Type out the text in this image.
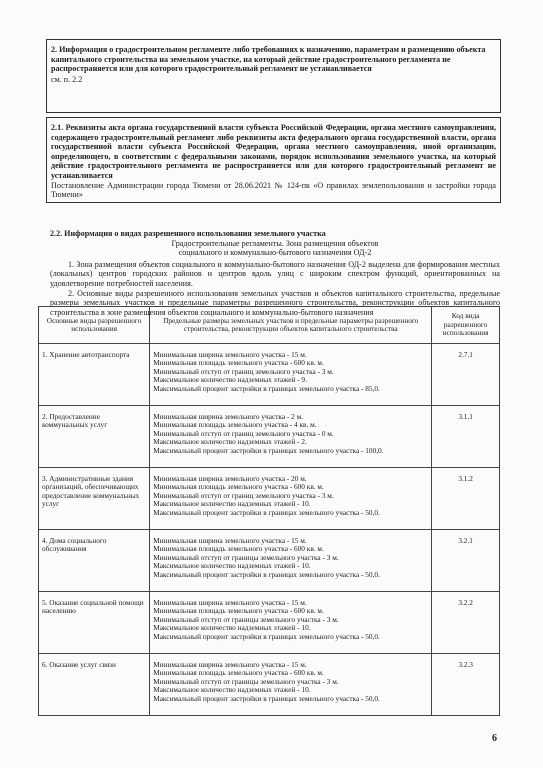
2. Информация о градостроительном регламенте либо требованиях к назначению, параметрам и размещению объекта капитального строительства на земельном участке, на который действие градостроительного регламента не распространяется или для которого градостроительный регламент не устанавливается
см. п. 2.2
2.1. Реквизиты акта органа государственной власти субъекта Российской Федерации, органа местного самоуправления, содержащего градостроительный регламент либо реквизиты акта федерального органа государственной власти, органа государственной власти субъекта Российской Федерации, органа местного самоуправления, иной организации, определяющего, в соответствии с федеральными законами, порядок использования земельного участка, на который действие градостроительного регламента не распространяется или для которого градостроительный регламент не устанавливается
Постановление Администрации города Тюмени от 28.06.2021 № 124-пк «О правилах землепользования и застройки города Тюмени»
2.2. Информация о видах разрешенного использования земельного участка
Градостроительные регламенты. Зона размещения объектов
социального и коммунально-бытового назначения ОД-2
1. Зона размещения объектов социального и коммунально-бытового назначения ОД-2 выделена для формирования местных (локальных) центров городских районов и центров вдоль улиц с широким спектром функций, ориентированных на удовлетворение потребностей населения.
2. Основные виды разрешенного использования земельных участков и объектов капитального строительства, предельные размеры земельных участков и предельные параметры разрешенного строительства, реконструкции объектов капитального строительства в зоне размещения объектов социального и коммунально-бытового назначения
Основные виды разрешенного использования	Предельные размеры земельных участков и предельные параметры разрешенного строительства, реконструкции объектов капитального строительства	Код вида разрешенного использования
1. Хранение автотранспорта	Минимальная ширина земельного участка - 15 м.
Минимальная площадь земельного участка - 600 кв. м.
Минимальный отступ от границ земельного участка - 3 м.
Максимальное количество надземных этажей - 9.
Максимальный процент застройки в границах земельного участка - 85,0.	2.7.1
2. Предоставление коммунальных услуг	Минимальная ширина земельного участка - 2 м.
Минимальная площадь земельного участка - 4 кв. м.
Минимальный отступ от границ земельного участка - 0 м.
Максимальное количество надземных этажей - 2.
Максимальный процент застройки в границах земельного участка - 100,0.	3.1.1
3. Административные здания организаций, обеспечивающих предоставление коммунальных услуг	Минимальная ширина земельного участка - 20 м.
Минимальная площадь земельного участка - 600 кв. м.
Минимальный отступ от границ земельного участка - 3 м.
Максимальное количество надземных этажей - 10.
Максимальный процент застройки в границах земельного участка - 50,0.	3.1.2
4. Дома социального обслуживания	Минимальная ширина земельного участка - 15 м.
Минимальная площадь земельного участка - 600 кв. м.
Минимальный отступ от границы земельного участка - 3 м.
Максимальное количество надземных этажей - 10.
Максимальный процент застройки в границах земельного участка - 50,0.	3.2.1
5. Оказание социальной помощи населению	Минимальная ширина земельного участка - 15 м.
Минимальная площадь земельного участка - 600 кв. м.
Минимальный отступ от границы земельного участка - 3 м.
Максимальное количество надземных этажей - 10.
Максимальный процент застройки в границах земельного участка - 50,0.	3.2.2
6. Оказание услуг связи	Минимальная ширина земельного участка - 15 м.
Минимальная площадь земельного участка - 600 кв. м.
Минимальный отступ от границы земельного участка - 3 м.
Максимальное количество надземных этажей - 10.
Максимальный процент застройки в границах земельного участка - 50,0.	3.2.3
6
